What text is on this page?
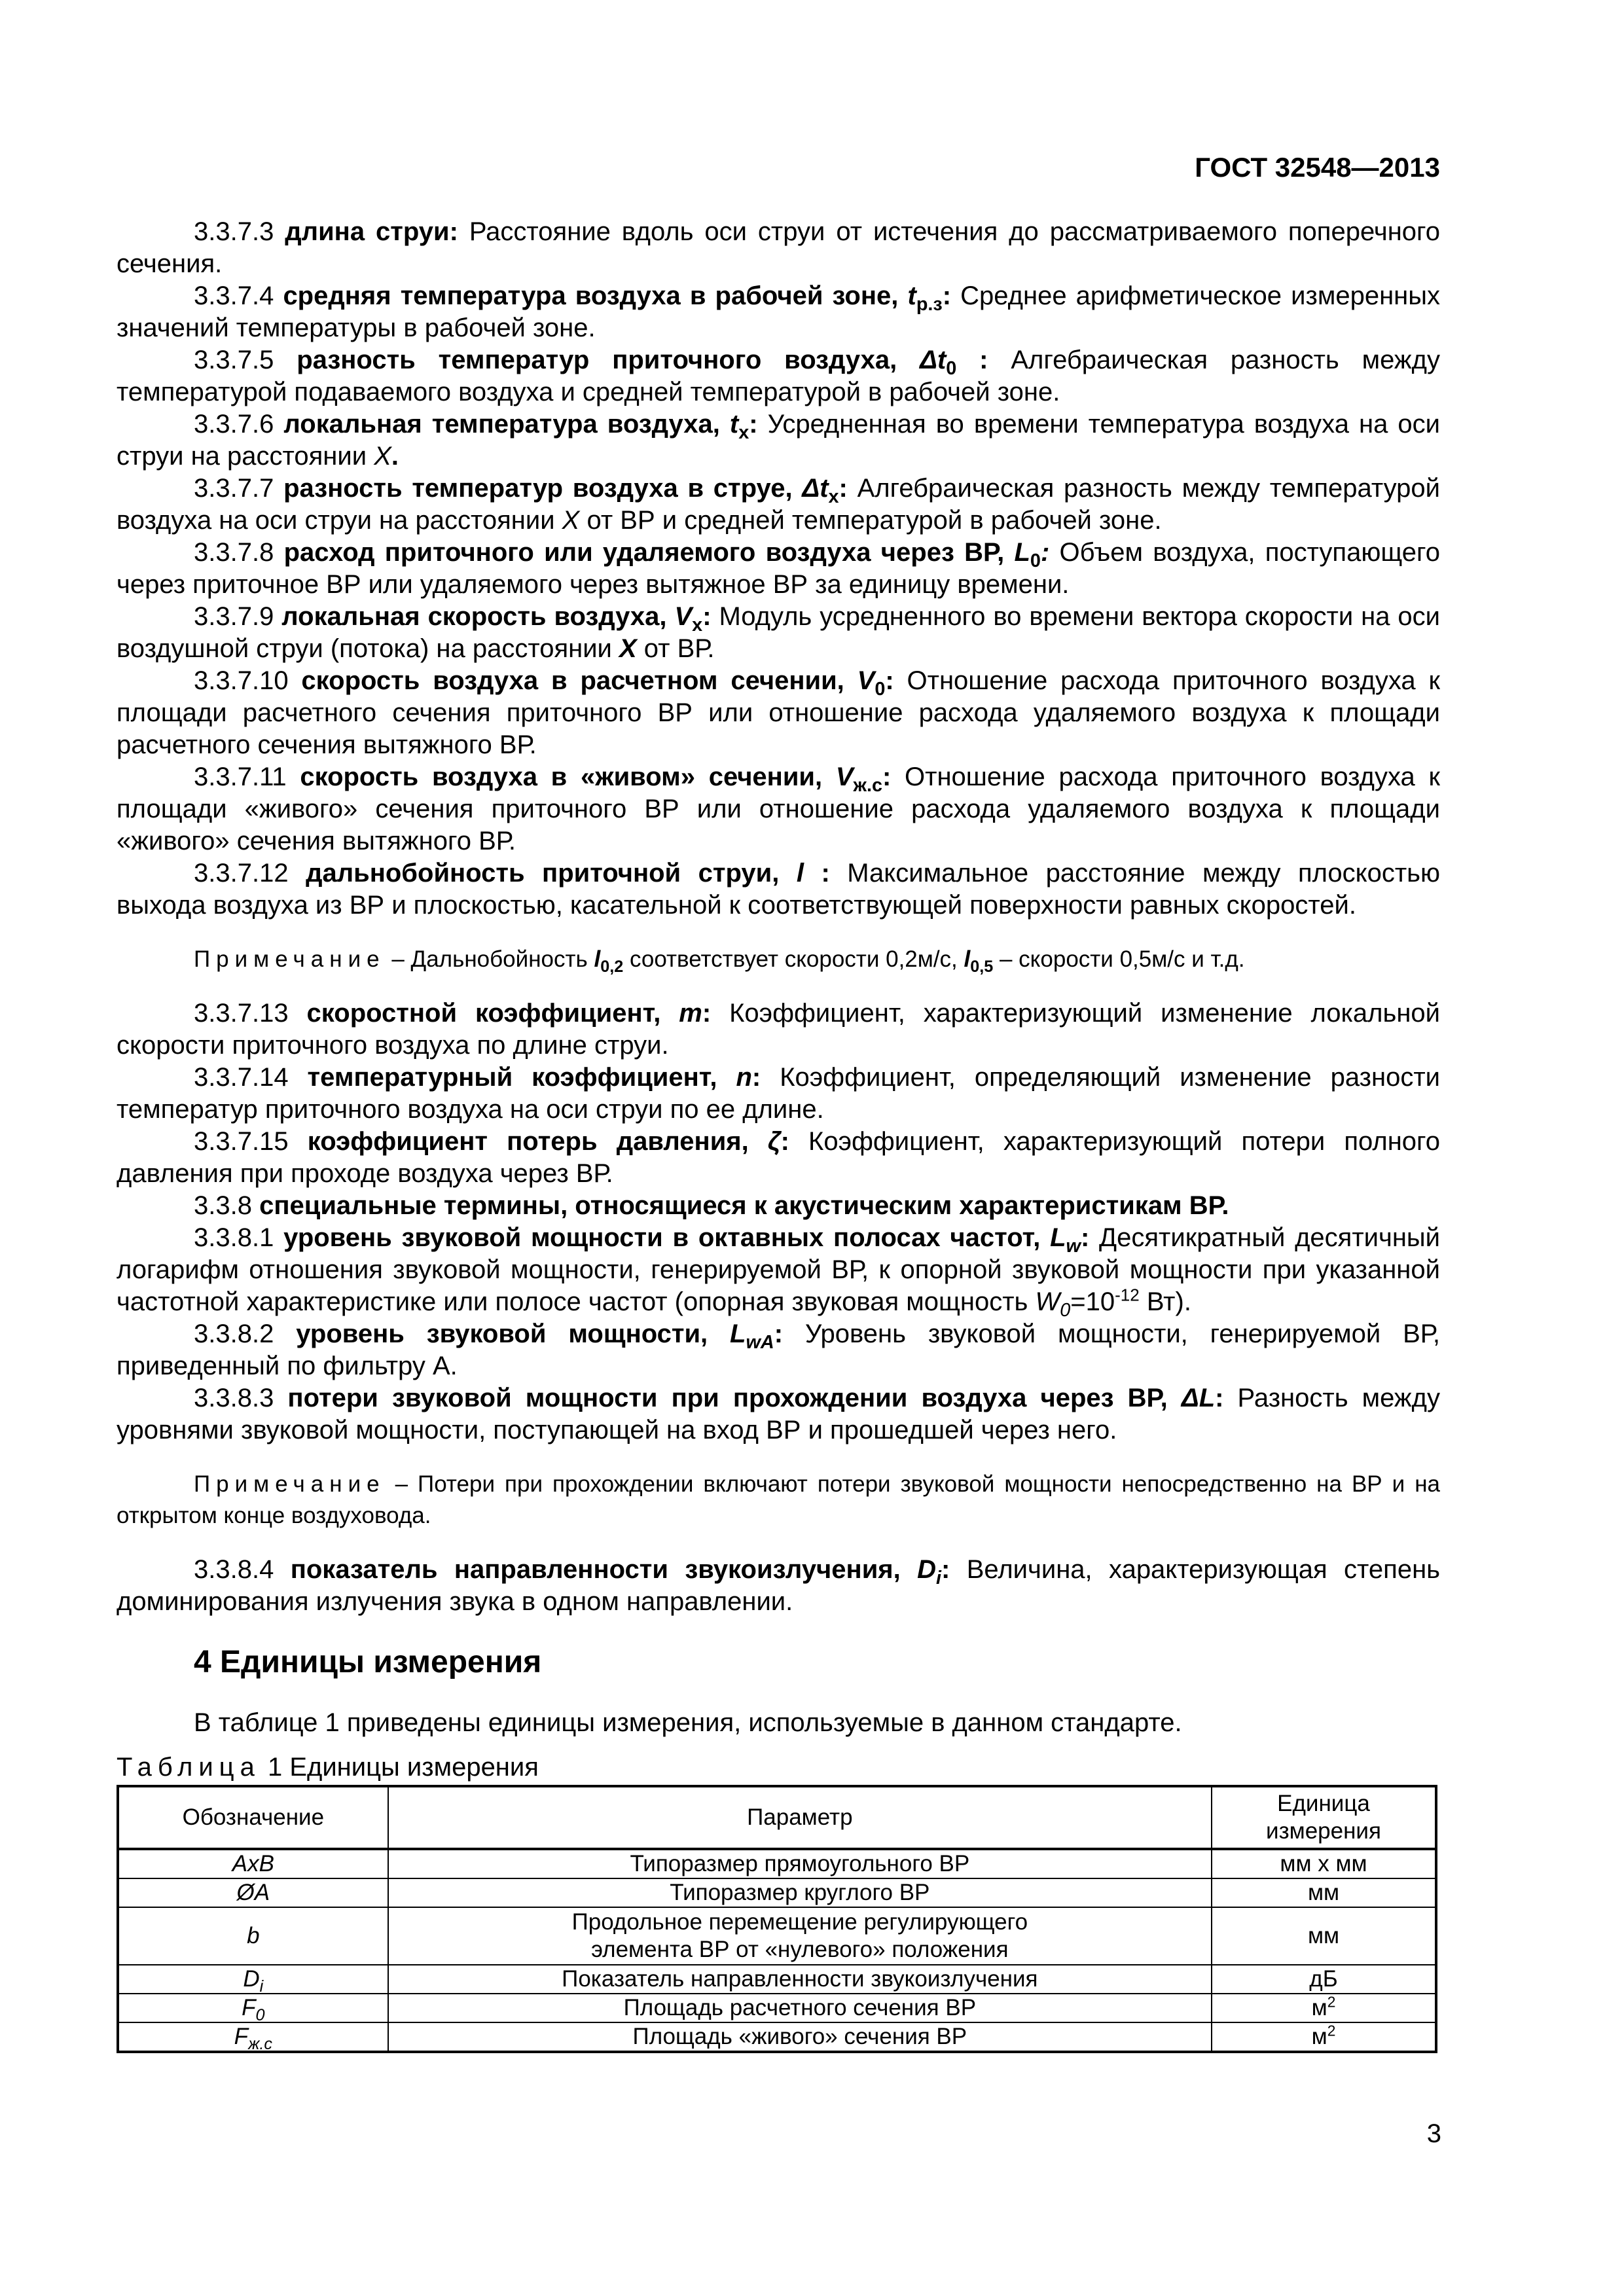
ГОСТ 32548—2013

3.3.7.3 длина струи: Расстояние вдоль оси струи от истечения до рассматриваемого поперечного сечения.

3.3.7.4 средняя температура воздуха в рабочей зоне, $t_{р.з}$: Среднее арифметическое измеренных значений температуры в рабочей зоне.

3.3.7.5 разность температур приточного воздуха, $\Delta t_0$ : Алгебраическая разность между температурой подаваемого воздуха и средней температурой в рабочей зоне.

3.3.7.6 локальная температура воздуха, $t_x$: Усредненная во времени температура воздуха на оси струи на расстоянии X.

3.3.7.7 разность температур воздуха в струе, $\Delta t_x$: Алгебраическая разность между температурой воздуха на оси струи на расстоянии X от ВР и средней температурой в рабочей зоне.

3.3.7.8 расход приточного или удаляемого воздуха через ВР, $L_0$: Объем воздуха, поступающего через приточное ВР или удаляемого через вытяжное ВР за единицу времени.

3.3.7.9 локальная скорость воздуха, $V_x$: Модуль усредненного во времени вектора скорости на оси воздушной струи (потока) на расстоянии X от ВР.

3.3.7.10 скорость воздуха в расчетном сечении, $V_0$: Отношение расхода приточного воздуха к площади расчетного сечения приточного ВР или отношение расхода удаляемого воздуха к площади расчетного сечения вытяжного ВР.

3.3.7.11 скорость воздуха в «живом» сечении, $V_{ж.с}$: Отношение расхода приточного воздуха к площади «живого» сечения приточного ВР или отношение расхода удаляемого воздуха к площади «живого» сечения вытяжного ВР.

3.3.7.12 дальнобойность приточной струи, l : Максимальное расстояние между плоскостью выхода воздуха из ВР и плоскостью, касательной к соответствующей поверхности равных скоростей.

Примечание – Дальнобойность $l_{0,2}$ соответствует скорости 0,2м/с, $l_{0,5}$ – скорости 0,5м/с и т.д.

3.3.7.13 скоростной коэффициент, m: Коэффициент, характеризующий изменение локальной скорости приточного воздуха по длине струи.

3.3.7.14 температурный коэффициент, n: Коэффициент, определяющий изменение разности температур приточного воздуха на оси струи по ее длине.

3.3.7.15 коэффициент потерь давления, ζ: Коэффициент, характеризующий потери полного давления при проходе воздуха через ВР.

3.3.8 специальные термины, относящиеся к акустическим характеристикам ВР.

3.3.8.1 уровень звуковой мощности в октавных полосах частот, $L_w$: Десятикратный десятичный логарифм отношения звуковой мощности, генерируемой ВР, к опорной звуковой мощности при указанной частотной характеристике или полосе частот (опорная звуковая мощность $W_0=10^{-12}$ Вт).

3.3.8.2 уровень звуковой мощности, $L_{wA}$: Уровень звуковой мощности, генерируемой ВР, приведенный по фильтру А.

3.3.8.3 потери звуковой мощности при прохождении воздуха через ВР, ΔL: Разность между уровнями звуковой мощности, поступающей на вход ВР и прошедшей через него.

Примечание – Потери при прохождении включают потери звуковой мощности непосредственно на ВР и на открытом конце воздуховода.

3.3.8.4 показатель направленности звукоизлучения, $D_i$: Величина, характеризующая степень доминирования излучения звука в одном направлении.

4 Единицы измерения

В таблице 1 приведены единицы измерения, используемые в данном стандарте.

Таблица 1 Единицы измерения
Обозначение	Параметр	Единица измерения
AxB	Типоразмер прямоугольного ВР	мм х мм
ØA	Типоразмер круглого ВР	мм
b	Продольное перемещение регулирующего элемента ВР от «нулевого» положения	мм
$D_i$	Показатель направленности звукоизлучения	дБ
$F_0$	Площадь расчетного сечения ВР	$м^2$
$F_{ж.с}$	Площадь «живого» сечения ВР	$м^2$
3
